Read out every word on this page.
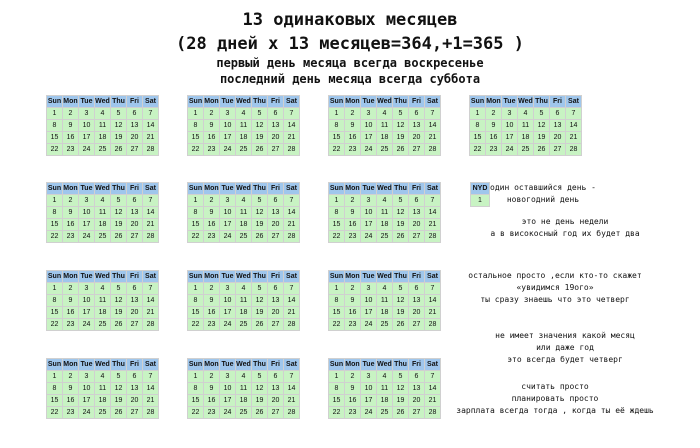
13 одинаковых месяцев
(28 дней х 13 месяцев=364,+1=365 )
первый день месяца всегда воскресенье
последний день месяца всегда суббота
Sun	Mon	Tue	Wed	Thu	Fri	Sat
1	2	3	4	5	6	7
8	9	10	11	12	13	14
15	16	17	18	19	20	21
22	23	24	25	26	27	28
Sun	Mon	Tue	Wed	Thu	Fri	Sat
1	2	3	4	5	6	7
8	9	10	11	12	13	14
15	16	17	18	19	20	21
22	23	24	25	26	27	28
Sun	Mon	Tue	Wed	Thu	Fri	Sat
1	2	3	4	5	6	7
8	9	10	11	12	13	14
15	16	17	18	19	20	21
22	23	24	25	26	27	28
Sun	Mon	Tue	Wed	Thu	Fri	Sat
1	2	3	4	5	6	7
8	9	10	11	12	13	14
15	16	17	18	19	20	21
22	23	24	25	26	27	28
Sun	Mon	Tue	Wed	Thu	Fri	Sat
1	2	3	4	5	6	7
8	9	10	11	12	13	14
15	16	17	18	19	20	21
22	23	24	25	26	27	28
Sun	Mon	Tue	Wed	Thu	Fri	Sat
1	2	3	4	5	6	7
8	9	10	11	12	13	14
15	16	17	18	19	20	21
22	23	24	25	26	27	28
Sun	Mon	Tue	Wed	Thu	Fri	Sat
1	2	3	4	5	6	7
8	9	10	11	12	13	14
15	16	17	18	19	20	21
22	23	24	25	26	27	28
Sun	Mon	Tue	Wed	Thu	Fri	Sat
1	2	3	4	5	6	7
8	9	10	11	12	13	14
15	16	17	18	19	20	21
22	23	24	25	26	27	28
Sun	Mon	Tue	Wed	Thu	Fri	Sat
1	2	3	4	5	6	7
8	9	10	11	12	13	14
15	16	17	18	19	20	21
22	23	24	25	26	27	28
Sun	Mon	Tue	Wed	Thu	Fri	Sat
1	2	3	4	5	6	7
8	9	10	11	12	13	14
15	16	17	18	19	20	21
22	23	24	25	26	27	28
Sun	Mon	Tue	Wed	Thu	Fri	Sat
1	2	3	4	5	6	7
8	9	10	11	12	13	14
15	16	17	18	19	20	21
22	23	24	25	26	27	28
Sun	Mon	Tue	Wed	Thu	Fri	Sat
1	2	3	4	5	6	7
8	9	10	11	12	13	14
15	16	17	18	19	20	21
22	23	24	25	26	27	28
Sun	Mon	Tue	Wed	Thu	Fri	Sat
1	2	3	4	5	6	7
8	9	10	11	12	13	14
15	16	17	18	19	20	21
22	23	24	25	26	27	28
NYD
1
один оставшийся день -
новогодний день
это не день недели
а в високосный год их будет два
остальное просто ,если кто-то скажет
«увидимся 19ого»
ты сразу знаешь что это четверг
не имеет значения какой месяц
или даже год
это всегда будет четверг
считать просто
планировать просто
зарплата всегда тогда , когда ты её ждешь
